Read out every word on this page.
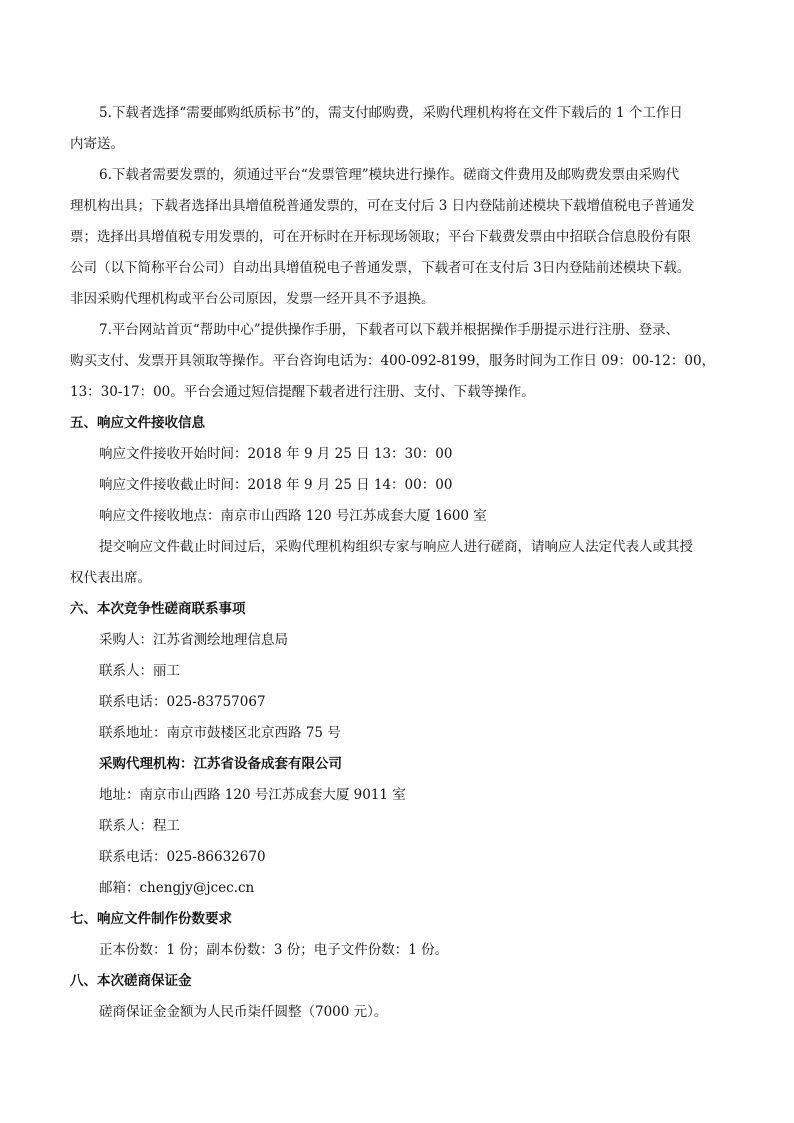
5.下载者选择“需要邮购纸质标书”的，需支付邮购费，采购代理机构将在文件下载后的 1 个工作日

内寄送。

6.下载者需要发票的，须通过平台“发票管理”模块进行操作。磋商文件费用及邮购费发票由采购代

理机构出具；下载者选择出具增值税普通发票的，可在支付后 3 日内登陆前述模块下载增值税电子普通发

票；选择出具增值税专用发票的，可在开标时在开标现场领取；平台下载费发票由中招联合信息股份有限

公司（以下简称平台公司）自动出具增值税电子普通发票，下载者可在支付后 3日内登陆前述模块下载。

非因采购代理机构或平台公司原因，发票一经开具不予退换。

7.平台网站首页“帮助中心”提供操作手册，下载者可以下载并根据操作手册提示进行注册、登录、

购买支付、发票开具领取等操作。平台咨询电话为：400-092-8199，服务时间为工作日 09：00-12：00，

13：30-17：00。平台会通过短信提醒下载者进行注册、支付、下载等操作。

五、响应文件接收信息

响应文件接收开始时间：2018 年 9 月 25 日 13：30：00

响应文件接收截止时间：2018 年 9 月 25 日 14：00：00

响应文件接收地点：南京市山西路 120 号江苏成套大厦 1600 室

提交响应文件截止时间过后，采购代理机构组织专家与响应人进行磋商，请响应人法定代表人或其授

权代表出席。

六、本次竞争性磋商联系事项

采购人：江苏省测绘地理信息局

联系人：丽工

联系电话：025-83757067

联系地址：南京市鼓楼区北京西路 75 号

采购代理机构：江苏省设备成套有限公司

地址：南京市山西路 120 号江苏成套大厦 9011 室

联系人：程工

联系电话：025-86632670

邮箱：chengjy@jcec.cn

七、响应文件制作份数要求

正本份数：1 份；副本份数：3 份；电子文件份数：1 份。

八、本次磋商保证金

磋商保证金金额为人民币柒仟圆整（7000 元）。
